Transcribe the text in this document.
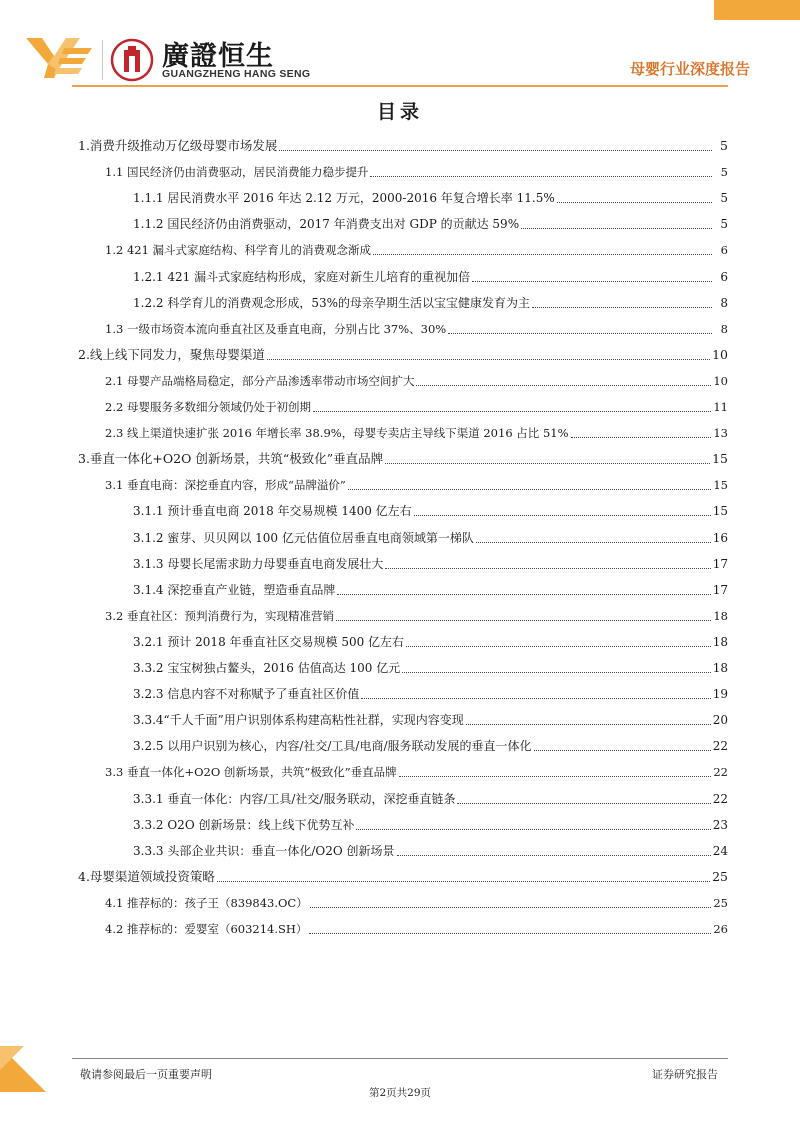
廣證恒生
GUANGZHENG HANG SENG	母婴行业深度报告
目录
1.消费升级推动万亿级母婴市场发展	5
1.1 国民经济仍由消费驱动，居民消费能力稳步提升	5
1.1.1 居民消费水平 2016 年达 2.12 万元，2000-2016 年复合增长率 11.5%	5
1.1.2 国民经济仍由消费驱动，2017 年消费支出对 GDP 的贡献达 59%	5
1.2 421 漏斗式家庭结构、科学育儿的消费观念渐成	6
1.2.1 421 漏斗式家庭结构形成，家庭对新生儿培育的重视加倍	6
1.2.2 科学育儿的消费观念形成，53%的母亲孕期生活以宝宝健康发育为主	8
1.3 一级市场资本流向垂直社区及垂直电商，分别占比 37%、30%	8
2.线上线下同发力，聚焦母婴渠道	10
2.1 母婴产品端格局稳定，部分产品渗透率带动市场空间扩大	10
2.2 母婴服务多数细分领域仍处于初创期	11
2.3 线上渠道快速扩张 2016 年增长率 38.9%，母婴专卖店主导线下渠道 2016 占比 51%	13
3.垂直一体化+O2O 创新场景，共筑“极致化”垂直品牌	15
3.1 垂直电商：深挖垂直内容，形成“品牌溢价”	15
3.1.1 预计垂直电商 2018 年交易规模 1400 亿左右	15
3.1.2 蜜芽、贝贝网以 100 亿元估值位居垂直电商领域第一梯队	16
3.1.3 母婴长尾需求助力母婴垂直电商发展壮大	17
3.1.4 深挖垂直产业链，塑造垂直品牌	17
3.2 垂直社区：预判消费行为，实现精准营销	18
3.2.1 预计 2018 年垂直社区交易规模 500 亿左右	18
3.3.2 宝宝树独占鳌头，2016 估值高达 100 亿元	18
3.2.3 信息内容不对称赋予了垂直社区价值	19
3.3.4“千人千面”用户识别体系构建高粘性社群，实现内容变现	20
3.2.5 以用户识别为核心，内容/社交/工具/电商/服务联动发展的垂直一体化	22
3.3 垂直一体化+O2O 创新场景，共筑“极致化”垂直品牌	22
3.3.1 垂直一体化：内容/工具/社交/服务联动，深挖垂直链条	22
3.3.2 O2O 创新场景：线上线下优势互补	23
3.3.3 头部企业共识：垂直一体化/O2O 创新场景	24
4.母婴渠道领域投资策略	25
4.1 推荐标的：孩子王（839843.OC）	25
4.2 推荐标的：爱婴室（603214.SH）	26
敬请参阅最后一页重要声明	证券研究报告
第2页共29页
